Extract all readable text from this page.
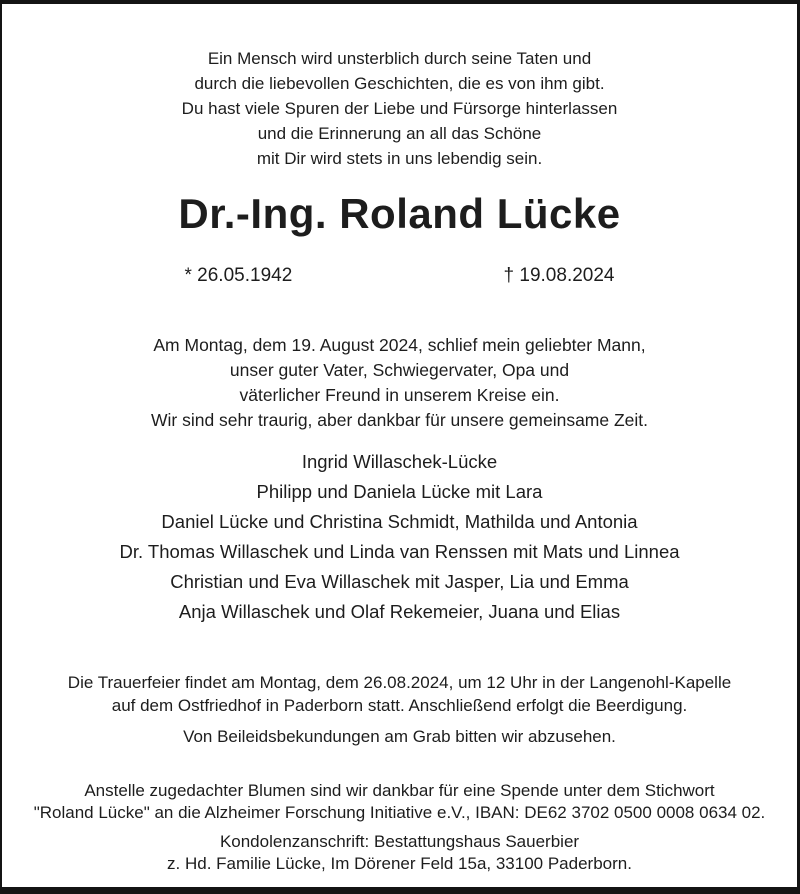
Ein Mensch wird unsterblich durch seine Taten und
durch die liebevollen Geschichten, die es von ihm gibt.
Du hast viele Spuren der Liebe und Fürsorge hinterlassen
und die Erinnerung an all das Schöne
mit Dir wird stets in uns lebendig sein.
Dr.-Ing. Roland Lücke
* 26.05.1942	† 19.08.2024
Am Montag, dem 19. August 2024, schlief mein geliebter Mann,
unser guter Vater, Schwiegervater, Opa und
väterlicher Freund in unserem Kreise ein.
Wir sind sehr traurig, aber dankbar für unsere gemeinsame Zeit.
Ingrid Willaschek-Lücke
Philipp und Daniela Lücke mit Lara
Daniel Lücke und Christina Schmidt, Mathilda und Antonia
Dr. Thomas Willaschek und Linda van Renssen mit Mats und Linnea
Christian und Eva Willaschek mit Jasper, Lia und Emma
Anja Willaschek und Olaf Rekemeier, Juana und Elias
Die Trauerfeier findet am Montag, dem 26.08.2024, um 12 Uhr in der Langenohl-Kapelle
auf dem Ostfriedhof in Paderborn statt. Anschließend erfolgt die Beerdigung.
Von Beileidsbekundungen am Grab bitten wir abzusehen.
Anstelle zugedachter Blumen sind wir dankbar für eine Spende unter dem Stichwort
"Roland Lücke" an die Alzheimer Forschung Initiative e.V., IBAN: DE62 3702 0500 0008 0634 02.
Kondolenzanschrift: Bestattungshaus Sauerbier
z. Hd. Familie Lücke, Im Dörener Feld 15a, 33100 Paderborn.
